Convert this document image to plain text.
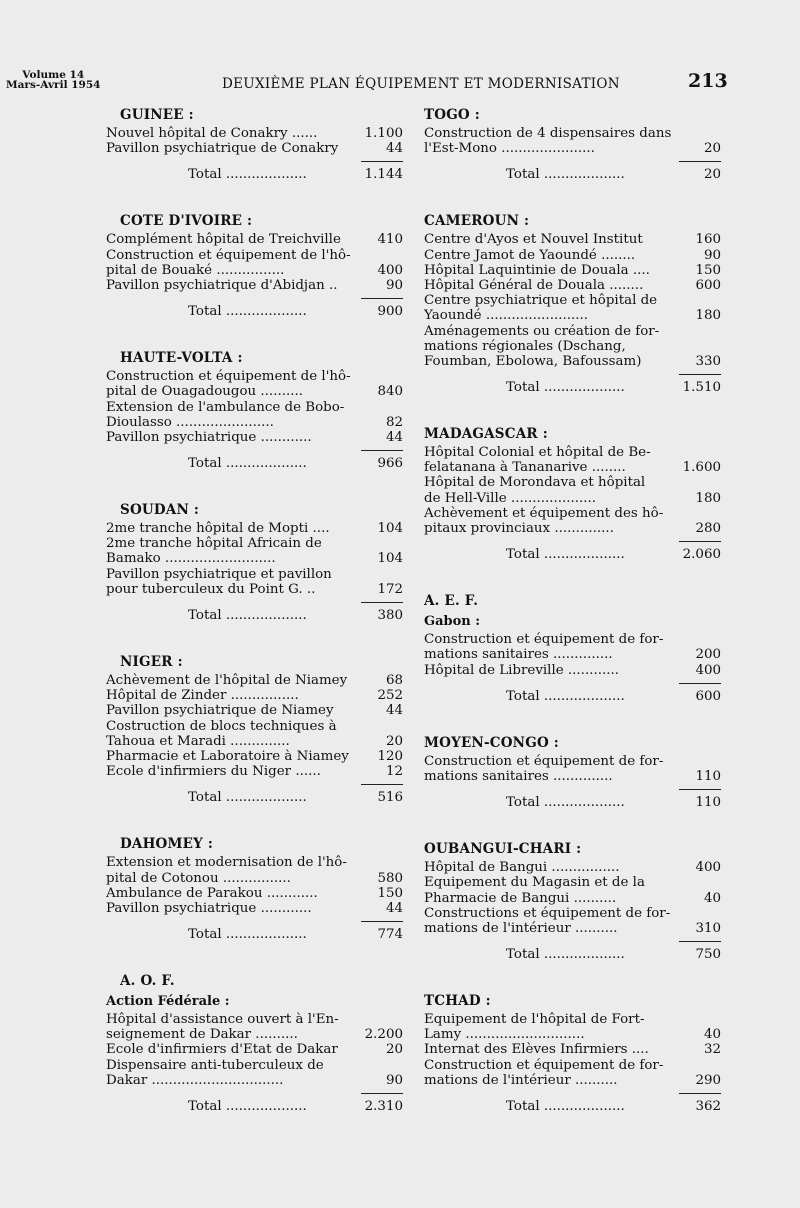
Volume 14
Mars-Avril 1954	DEUXIÈME PLAN ÉQUIPEMENT ET MODERNISATION	213
GUINEE :
Nouvel hôpital de Conakry ......	1.100
Pavillon psychiatrique de Conakry	44
Total ...................	1.144
COTE D'IVOIRE :
Complément hôpital de Treichville	410
Construction et équipement de l'hô-
pital de Bouaké ................	400
Pavillon psychiatrique d'Abidjan ..	90
Total ...................	900
HAUTE-VOLTA :
Construction et équipement de l'hô-
pital de Ouagadougou ..........	840
Extension de l'ambulance de Bobo-
Dioulasso .......................	82
Pavillon psychiatrique ............	44
Total ...................	966
SOUDAN :
2me tranche hôpital de Mopti ....	104
2me tranche hôpital Africain de
Bamako ..........................	104
Pavillon psychiatrique et pavillon
pour tuberculeux du Point G. ..	172
Total ...................	380
NIGER :
Achèvement de l'hôpital de Niamey	68
Hôpital de Zinder ................	252
Pavillon psychiatrique de Niamey	44
Costruction de blocs techniques à
Tahoua et Maradi ..............	20
Pharmacie et Laboratoire à Niamey	120
Ecole d'infirmiers du Niger ......	12
Total ...................	516
DAHOMEY :
Extension et modernisation de l'hô-
pital de Cotonou ................	580
Ambulance de Parakou ............	150
Pavillon psychiatrique ............	44
Total ...................	774
A. O. F.
Action Fédérale :
Hôpital d'assistance ouvert à l'En-
seignement de Dakar ..........	2.200
Ecole d'infirmiers d'Etat de Dakar	20
Dispensaire anti-tuberculeux de
Dakar ...............................	90
Total ...................	2.310
TOGO :
Construction de 4 dispensaires dans
l'Est-Mono ......................	20
Total ...................	20
CAMEROUN :
Centre d'Ayos et Nouvel Institut	160
Centre Jamot de Yaoundé ........	90
Hôpital Laquintinie de Douala ....	150
Hôpital Général de Douala ........	600
Centre psychiatrique et hôpital de
Yaoundé ........................	180
Aménagements ou création de for-
mations régionales (Dschang,
Foumban, Ebolowa, Bafoussam)	330
Total ...................	1.510
MADAGASCAR :
Hôpital Colonial et hôpital de Be-
felatanana à Tananarive ........	1.600
Hôpital de Morondava et hôpital
de Hell-Ville ....................	180
Achèvement et équipement des hô-
pitaux provinciaux ..............	280
Total ...................	2.060
A. E. F.
Gabon :
Construction et équipement de for-
mations sanitaires ..............	200
Hôpital de Libreville ............	400
Total ...................	600
MOYEN-CONGO :
Construction et équipement de for-
mations sanitaires ..............	110
Total ...................	110
OUBANGUI-CHARI :
Hôpital de Bangui ................	400
Equipement du Magasin et de la
Pharmacie de Bangui ..........	40
Constructions et équipement de for-
mations de l'intérieur ..........	310
Total ...................	750
TCHAD :
Equipement de l'hôpital de Fort-
Lamy ............................	40
Internat des Elèves Infirmiers ....	32
Construction et équipement de for-
mations de l'intérieur ..........	290
Total ...................	362
